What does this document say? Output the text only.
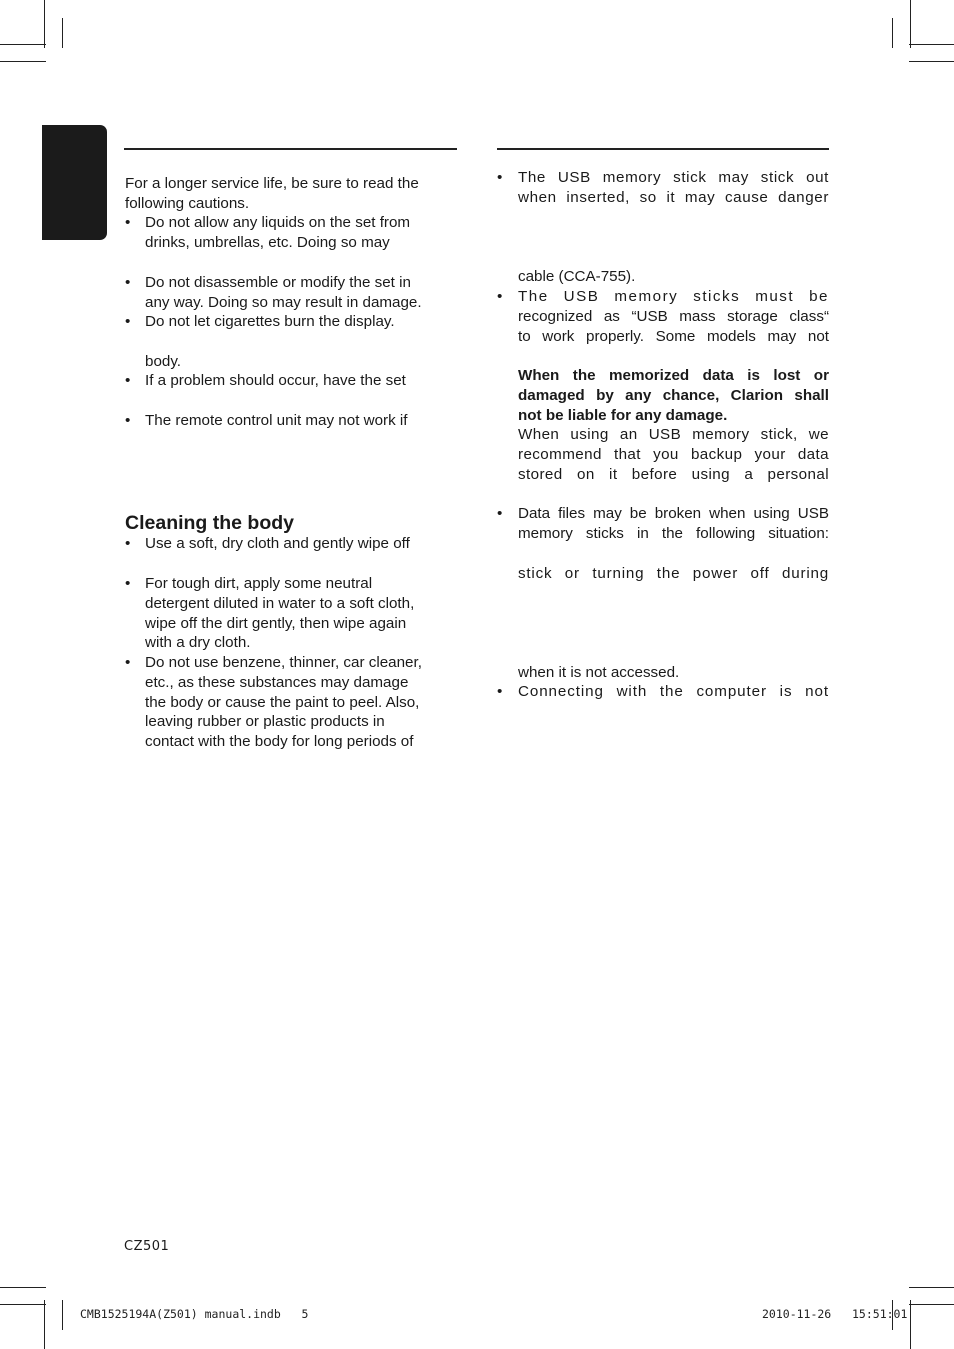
For a longer service life, be sure to read the following cautions.

• Do not allow any liquids on the set from
drinks, umbrellas, etc. Doing so may
• Do not disassemble or modify the set in
any way. Doing so may result in damage.
• Do not let cigarettes burn the display.
body.
• If a problem should occur, have the set
• The remote control unit may not work if
Cleaning the body
• Use a soft, dry cloth and gently wipe off
• For tough dirt, apply some neutral
detergent diluted in water to a soft cloth,
wipe off the dirt gently, then wipe again
with a dry cloth.
• Do not use benzene, thinner, car cleaner,
etc., as these substances may damage
the body or cause the paint to peel. Also,
leaving rubber or plastic products in
contact with the body for long periods of
• The USB memory stick may stick out
when inserted, so it may cause danger
cable (CCA-755).
• The USB memory sticks must be
recognized as “USB mass storage class“
to work properly. Some models may not
When the memorized data is lost or
damaged by any chance, Clarion shall
not be liable for any damage.
When using an USB memory stick, we
recommend that you backup your data
stored on it before using a personal
• Data files may be broken when using USB
memory sticks in the following situation:
stick or turning the power off during
when it is not accessed.
• Connecting with the computer is not
CZ501
CMB1525194A(Z501) manual.indb   5	2010-11-26   15:51:01
